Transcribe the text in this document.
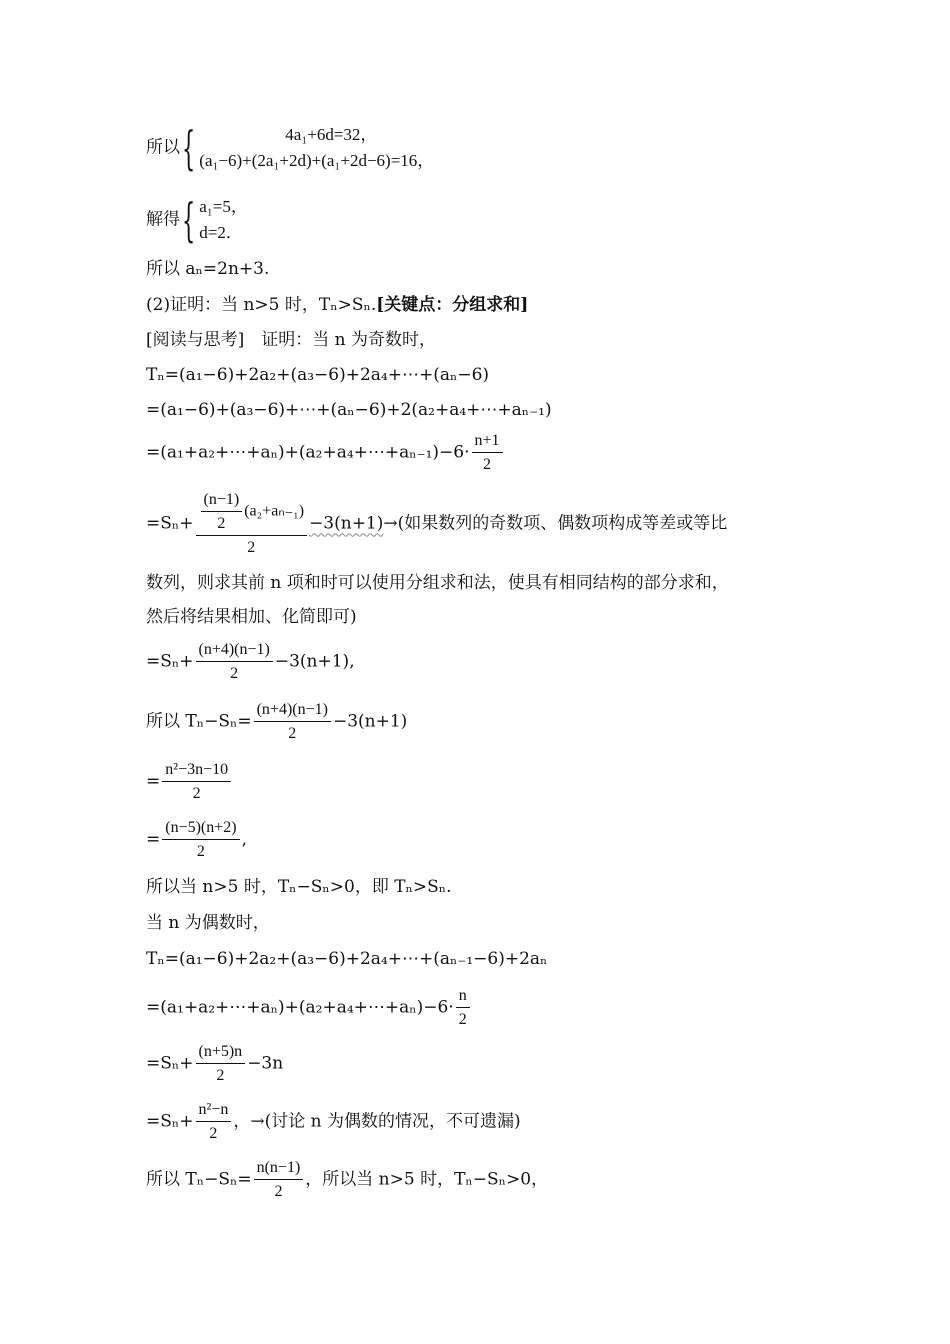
所以{	4a₁+6d=32，
(a₁−6)+(2a₁+2d)+(a₁+2d−6)=16，
解得{ a₁=5，
d=2．
所以 aₙ=2n+3.
(2)证明：当 n>5 时，Tₙ>Sₙ.[关键点：分组求和]
[阅读与思考]　证明：当 n 为奇数时，
Tₙ=(a₁−6)+2a₂+(a₃−6)+2a₄+⋯+(aₙ−6)
=(a₁−6)+(a₃−6)+⋯+(aₙ−6)+2(a₂+a₄+⋯+aₙ₋₁)
=(a₁+a₂+⋯+aₙ)+(a₂+a₄+⋯+aₙ₋₁)−6· $\frac{n+1}{2}$
$=S_n+ \frac{\frac{(n-1)}{2} (a_2+a_{n-1})}{2} -3(n+1)\to$(如果数列的奇数项、偶数项构成等差或等比
数列，则求其前 n 项和时可以使用分组求和法，使具有相同结构的部分求和，
然后将结果相加、化简即可)
$=S_n+ \frac{(n+4)(n-1)}{2} -3(n+1)$,
所以 $T_n-S_n= \frac{(n+4)(n-1)}{2} -3(n+1)$
= $\frac{\text{n²−3n−10}}{2}$
= $\frac{(n-5)(n+2)}{2}$ ,
所以当 n>5 时，Tₙ−Sₙ>0，即 Tₙ>Sₙ.
当 n 为偶数时，
Tₙ=(a₁−6)+2a₂+(a₃−6)+2a₄+⋯+(aₙ₋₁−6)+2aₙ
=(a₁+a₂+⋯+aₙ)+(a₂+a₄+⋯+aₙ)−6· $\frac{n}{2}$
$=S_n+ \frac{(n+5)n}{2} -3n$
$=S_n+ \frac{\text{n²−n}}{2}$ ，→(讨论 n 为偶数的情况，不可遗漏)
所以 $T_n-S_n= \frac{n(n-1)}{2}$ ，所以当 n>5 时，Tₙ−Sₙ>0，
